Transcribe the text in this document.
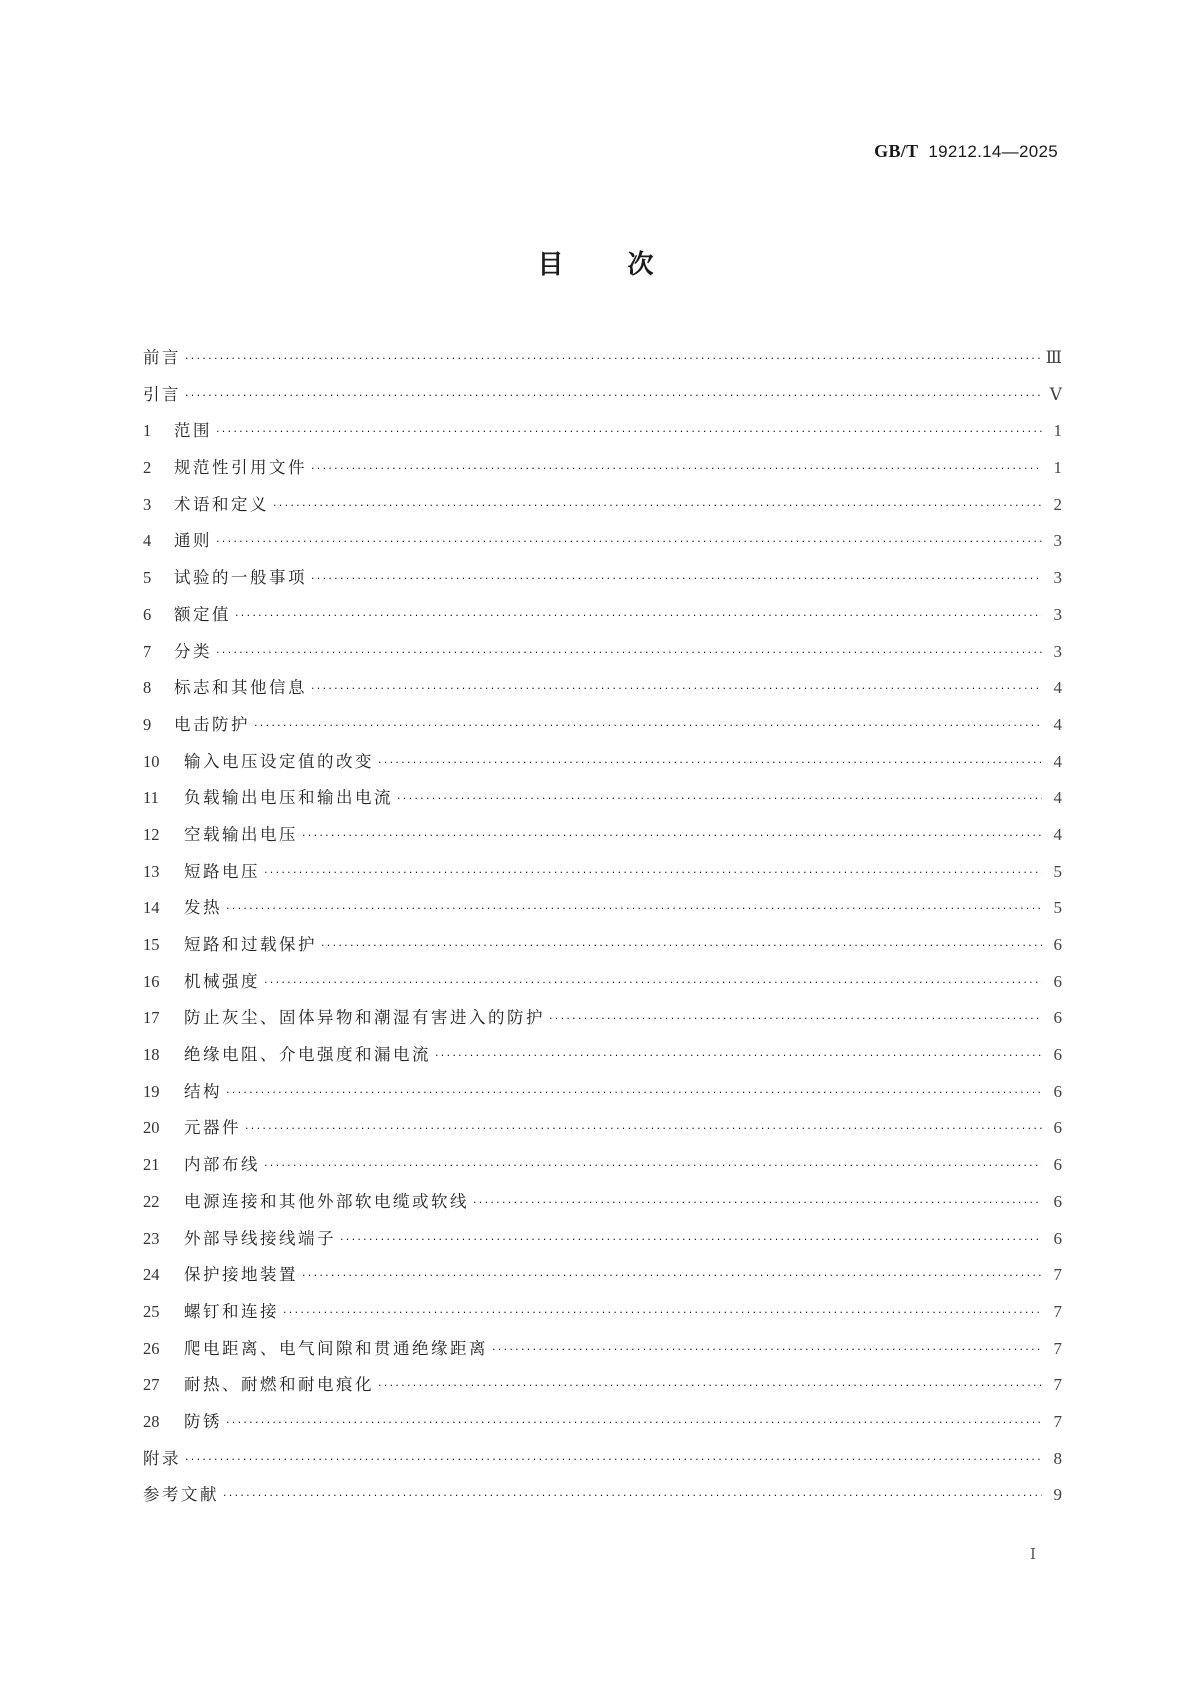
GB/T 19212.14—2025
目次
前言 ·····	Ⅲ
引言 ·····	Ⅴ
1	范围 ·····	1
2	规范性引用文件 ·····	1
3	术语和定义 ·····	2
4	通则 ·····	3
5	试验的一般事项 ·····	3
6	额定值 ·····	3
7	分类 ·····	3
8	标志和其他信息 ·····	4
9	电击防护 ·····	4
10	输入电压设定值的改变 ·····	4
11	负载输出电压和输出电流 ·····	4
12	空载输出电压 ·····	4
13	短路电压 ·····	5
14	发热 ·····	5
15	短路和过载保护 ·····	6
16	机械强度 ·····	6
17	防止灰尘、固体异物和潮湿有害进入的防护 ·····	6
18	绝缘电阻、介电强度和漏电流 ·····	6
19	结构 ·····	6
20	元器件 ·····	6
21	内部布线 ·····	6
22	电源连接和其他外部软电缆或软线 ·····	6
23	外部导线接线端子 ·····	6
24	保护接地装置 ·····	7
25	螺钉和连接 ·····	7
26	爬电距离、电气间隙和贯通绝缘距离 ·····	7
27	耐热、耐燃和耐电痕化 ·····	7
28	防锈 ·····	7
附录 ·····	8
参考文献 ·····	9
Ⅰ
